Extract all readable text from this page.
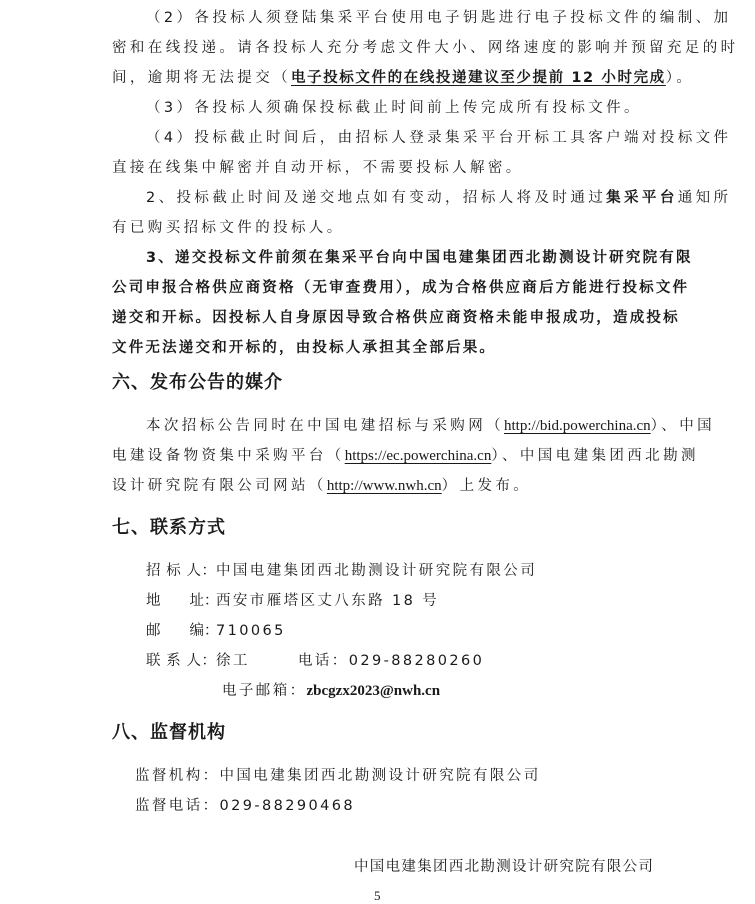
（2）各投标人须登陆集采平台使用电子钥匙进行电子投标文件的编制、加
密和在线投递。请各投标人充分考虑文件大小、网络速度的影响并预留充足的时
间，逾期将无法提交（电子投标文件的在线投递建议至少提前 12 小时完成）。
（3）各投标人须确保投标截止时间前上传完成所有投标文件。
（4）投标截止时间后，由招标人登录集采平台开标工具客户端对投标文件
直接在线集中解密并自动开标，不需要投标人解密。
2、投标截止时间及递交地点如有变动，招标人将及时通过集采平台通知所
有已购买招标文件的投标人。
3、递交投标文件前须在集采平台向中国电建集团西北勘测设计研究院有限
公司申报合格供应商资格（无审查费用），成为合格供应商后方能进行投标文件
递交和开标。因投标人自身原因导致合格供应商资格未能申报成功，造成投标
文件无法递交和开标的，由投标人承担其全部后果。
六、发布公告的媒介
本次招标公告同时在中国电建招标与采购网（http://bid.powerchina.cn）、中国
电建设备物资集中采购平台（https://ec.powerchina.cn）、中国电建集团西北勘测
设计研究院有限公司网站（http://www.nwh.cn）上发布。
七、联系方式
招 标 人：中国电建集团西北勘测设计研究院有限公司
地　　址：西安市雁塔区丈八东路 18 号
邮　　编：710065
联 系 人：徐工	电话：029-88280260
电子邮箱：zbcgzx2023@nwh.cn
八、监督机构
监督机构：中国电建集团西北勘测设计研究院有限公司
监督电话：029-88290468
中国电建集团西北勘测设计研究院有限公司
5
